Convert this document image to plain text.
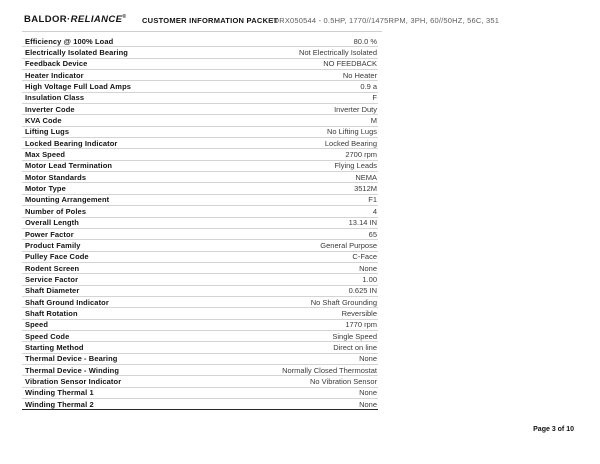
BALDOR·RELIANCE® CUSTOMER INFORMATION PACKET
CDRX050544 - 0.5HP, 1770//1475RPM, 3PH, 60//50HZ, 56C, 351
Efficiency @ 100% Load	80.0 %
Electrically Isolated Bearing	Not Electrically Isolated
Feedback Device	NO FEEDBACK
Heater Indicator	No Heater
High Voltage Full Load Amps	0.9 a
Insulation Class	F
Inverter Code	Inverter Duty
KVA Code	M
Lifting Lugs	No Lifting Lugs
Locked Bearing Indicator	Locked Bearing
Max Speed	2700 rpm
Motor Lead Termination	Flying Leads
Motor Standards	NEMA
Motor Type	3512M
Mounting Arrangement	F1
Number of Poles	4
Overall Length	13.14 IN
Power Factor	65
Product Family	General Purpose
Pulley Face Code	C-Face
Rodent Screen	None
Service Factor	1.00
Shaft Diameter	0.625 IN
Shaft Ground Indicator	No Shaft Grounding
Shaft Rotation	Reversible
Speed	1770 rpm
Speed Code	Single Speed
Starting Method	Direct on line
Thermal Device - Bearing	None
Thermal Device - Winding	Normally Closed Thermostat
Vibration Sensor Indicator	No Vibration Sensor
Winding Thermal 1	None
Winding Thermal 2	None
Page 3 of 10
